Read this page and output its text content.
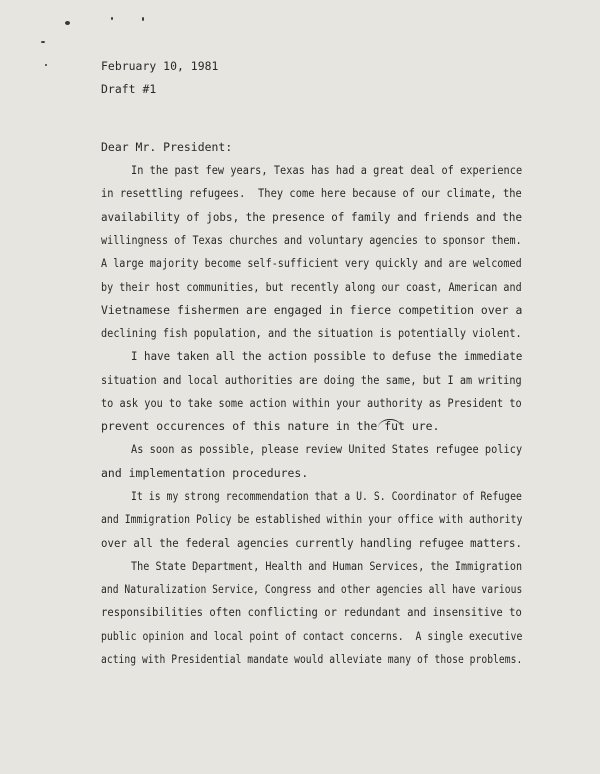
February 10, 1981
Draft #1
Dear Mr. President:
In the past few years, Texas has had a great deal of experience
in resettling refugees.  They come here because of our climate, the
availability of jobs, the presence of family and friends and the
willingness of Texas churches and voluntary agencies to sponsor them.
A large majority become self-sufficient very quickly and are welcomed
by their host communities, but recently along our coast, American and
Vietnamese fishermen are engaged in fierce competition over a
declining fish population, and the situation is potentially violent.
I have taken all the action possible to defuse the immediate
situation and local authorities are doing the same, but I am writing
to ask you to take some action within your authority as President to
prevent occurences of this nature in the fut ure.
As soon as possible, please review United States refugee policy
and implementation procedures.
It is my strong recommendation that a U. S. Coordinator of Refugee
and Immigration Policy be established within your office with authority
over all the federal agencies currently handling refugee matters.
The State Department, Health and Human Services, the Immigration
and Naturalization Service, Congress and other agencies all have various
responsibilities often conflicting or redundant and insensitive to
public opinion and local point of contact concerns.  A single executive
acting with Presidential mandate would alleviate many of those problems.
